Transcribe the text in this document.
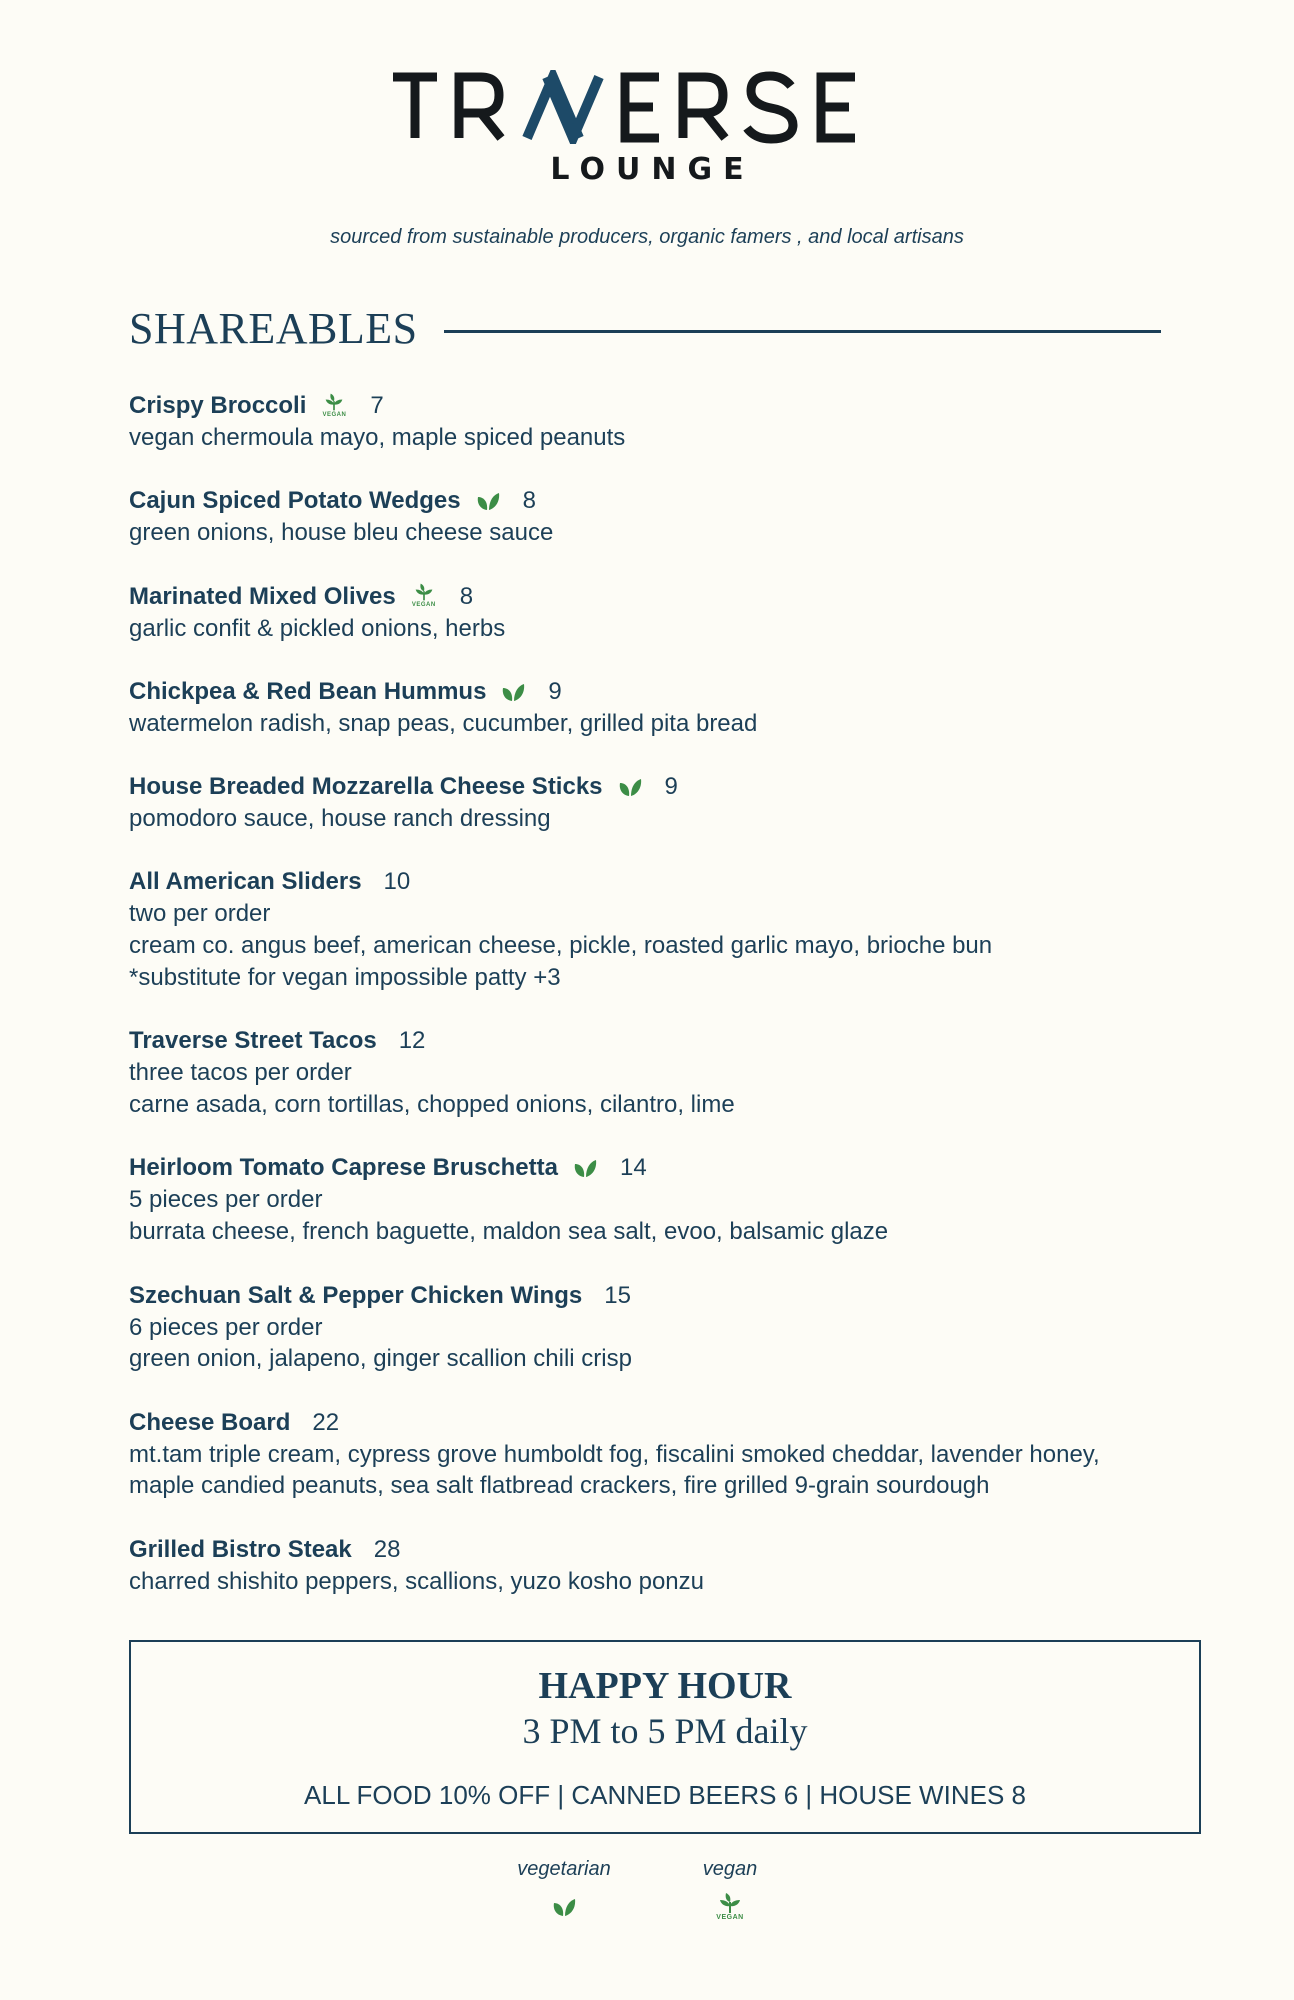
LOUNGE
sourced from sustainable producers, organic famers , and local artisans
SHAREABLES
Crispy Broccoli	VEGAN 7
vegan chermoula mayo, maple spiced peanuts
Cajun Spiced Potato Wedges	8
green onions, house bleu cheese sauce
Marinated Mixed Olives	VEGAN 8
garlic confit & pickled onions, herbs
Chickpea & Red Bean Hummus	9
watermelon radish, snap peas, cucumber, grilled pita bread
House Breaded Mozzarella Cheese Sticks	9
pomodoro sauce, house ranch dressing
All American Sliders 10
two per order
cream co. angus beef, american cheese, pickle, roasted garlic mayo, brioche bun
*substitute for vegan impossible patty +3
Traverse Street Tacos 12
three tacos per order
carne asada, corn tortillas, chopped onions, cilantro, lime
Heirloom Tomato Caprese Bruschetta	14
5 pieces per order
burrata cheese, french baguette, maldon sea salt, evoo, balsamic glaze
Szechuan Salt & Pepper Chicken Wings 15
6 pieces per order
green onion, jalapeno, ginger scallion chili crisp
Cheese Board 22
mt.tam triple cream, cypress grove humboldt fog, fiscalini smoked cheddar, lavender honey,
maple candied peanuts, sea salt flatbread crackers, fire grilled 9-grain sourdough
Grilled Bistro Steak 28
charred shishito peppers, scallions, yuzo kosho ponzu
HAPPY HOUR
3 PM to 5 PM daily
ALL FOOD 10% OFF | CANNED BEERS 6 | HOUSE WINES 8
vegetarian	vegan
VEGAN
